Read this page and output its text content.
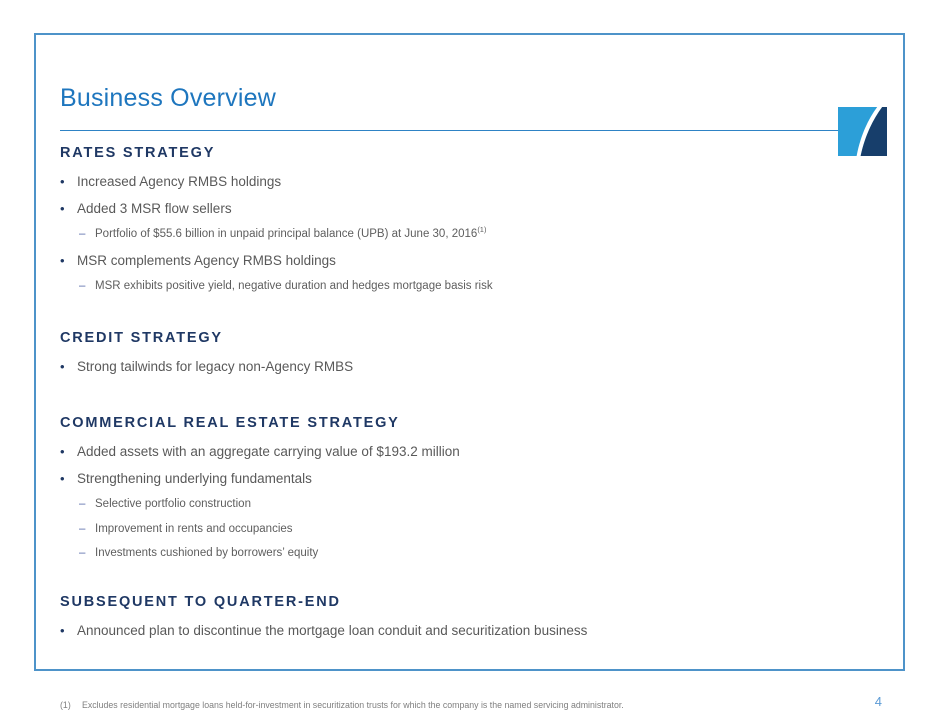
Business Overview
RATES STRATEGY
• Increased Agency RMBS holdings
• Added 3 MSR flow sellers
– Portfolio of $55.6 billion in unpaid principal balance (UPB) at June 30, 2016$^{(1)}$
• MSR complements Agency RMBS holdings
– MSR exhibits positive yield, negative duration and hedges mortgage basis risk
CREDIT STRATEGY
• Strong tailwinds for legacy non-Agency RMBS
COMMERCIAL REAL ESTATE STRATEGY
• Added assets with an aggregate carrying value of $193.2 million
• Strengthening underlying fundamentals
– Selective portfolio construction
– Improvement in rents and occupancies
– Investments cushioned by borrowers’ equity
SUBSEQUENT TO QUARTER-END
• Announced plan to discontinue the mortgage loan conduit and securitization business
(1)	Excludes residential mortgage loans held-for-investment in securitization trusts for which the company is the named servicing administrator.	4
